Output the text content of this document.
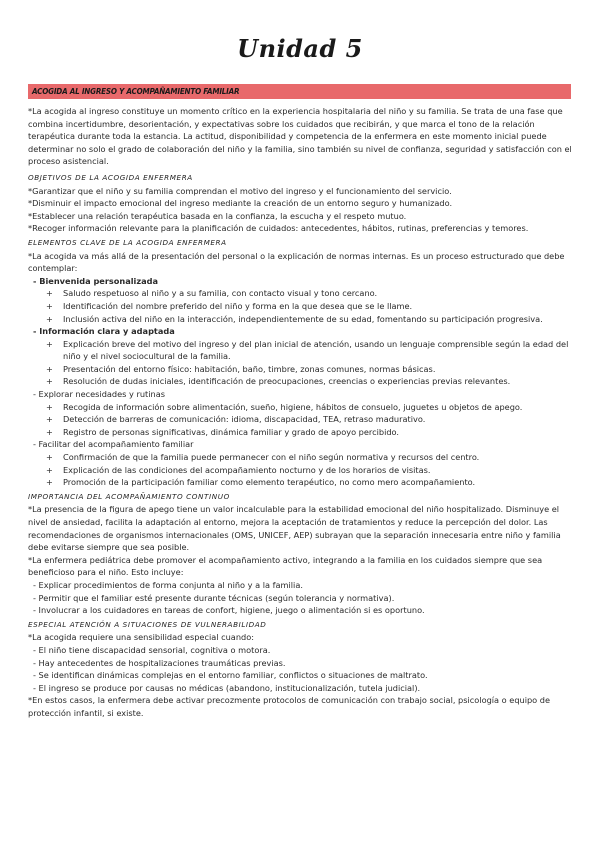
Unidad 5
ACOGIDA AL INGRESO Y ACOMPAÑAMIENTO FAMILIAR

*La acogida al ingreso constituye un momento crítico en la experiencia hospitalaria del niño y su familia. Se trata de una fase que combina incertidumbre, desorientación, y expectativas sobre los cuidados que recibirán, y que marca el tono de la relación terapéutica durante toda la estancia. La actitud, disponibilidad y competencia de la enfermera en este momento inicial puede determinar no solo el grado de colaboración del niño y la familia, sino también su nivel de confianza, seguridad y satisfacción con el proceso asistencial.

OBJETIVOS DE LA ACOGIDA ENFERMERA

*Garantizar que el niño y su familia comprendan el motivo del ingreso y el funcionamiento del servicio.

*Disminuir el impacto emocional del ingreso mediante la creación de un entorno seguro y humanizado.

*Establecer una relación terapéutica basada en la confianza, la escucha y el respeto mutuo.

*Recoger información relevante para la planificación de cuidados: antecedentes, hábitos, rutinas, preferencias y temores.

ELEMENTOS CLAVE DE LA ACOGIDA ENFERMERA

*La acogida va más allá de la presentación del personal o la explicación de normas internas. Es un proceso estructurado que debe contemplar:

- Bienvenida personalizada
+ Saludo respetuoso al niño y a su familia, con contacto visual y tono cercano.
+ Identificación del nombre preferido del niño y forma en la que desea que se le llame.
+ Inclusión activa del niño en la interacción, independientemente de su edad, fomentando su participación progresiva.
- Información clara y adaptada
+ Explicación breve del motivo del ingreso y del plan inicial de atención, usando un lenguaje comprensible según la edad del niño y el nivel sociocultural de la familia.
+ Presentación del entorno físico: habitación, baño, timbre, zonas comunes, normas básicas.
+ Resolución de dudas iniciales, identificación de preocupaciones, creencias o experiencias previas relevantes.
- Explorar necesidades y rutinas
+ Recogida de información sobre alimentación, sueño, higiene, hábitos de consuelo, juguetes u objetos de apego.
+ Detección de barreras de comunicación: idioma, discapacidad, TEA, retraso madurativo.
+ Registro de personas significativas, dinámica familiar y grado de apoyo percibido.
- Facilitar del acompañamiento familiar
+ Confirmación de que la familia puede permanecer con el niño según normativa y recursos del centro.
+ Explicación de las condiciones del acompañamiento nocturno y de los horarios de visitas.
+ Promoción de la participación familiar como elemento terapéutico, no como mero acompañamiento.
IMPORTANCIA DEL ACOMPAÑAMIENTO CONTINUO

*La presencia de la figura de apego tiene un valor incalculable para la estabilidad emocional del niño hospitalizado. Disminuye el nivel de ansiedad, facilita la adaptación al entorno, mejora la aceptación de tratamientos y reduce la percepción del dolor. Las recomendaciones de organismos internacionales (OMS, UNICEF, AEP) subrayan que la separación innecesaria entre niño y familia debe evitarse siempre que sea posible.

*La enfermera pediátrica debe promover el acompañamiento activo, integrando a la familia en los cuidados siempre que sea beneficioso para el niño. Esto incluye:

- Explicar procedimientos de forma conjunta al niño y a la familia.
- Permitir que el familiar esté presente durante técnicas (según tolerancia y normativa).
- Involucrar a los cuidadores en tareas de confort, higiene, juego o alimentación si es oportuno.
ESPECIAL ATENCIÓN A SITUACIONES DE VULNERABILIDAD

*La acogida requiere una sensibilidad especial cuando:

- El niño tiene discapacidad sensorial, cognitiva o motora.
- Hay antecedentes de hospitalizaciones traumáticas previas.
- Se identifican dinámicas complejas en el entorno familiar, conflictos o situaciones de maltrato.
- El ingreso se produce por causas no médicas (abandono, institucionalización, tutela judicial).

*En estos casos, la enfermera debe activar precozmente protocolos de comunicación con trabajo social, psicología o equipo de protección infantil, si existe.
